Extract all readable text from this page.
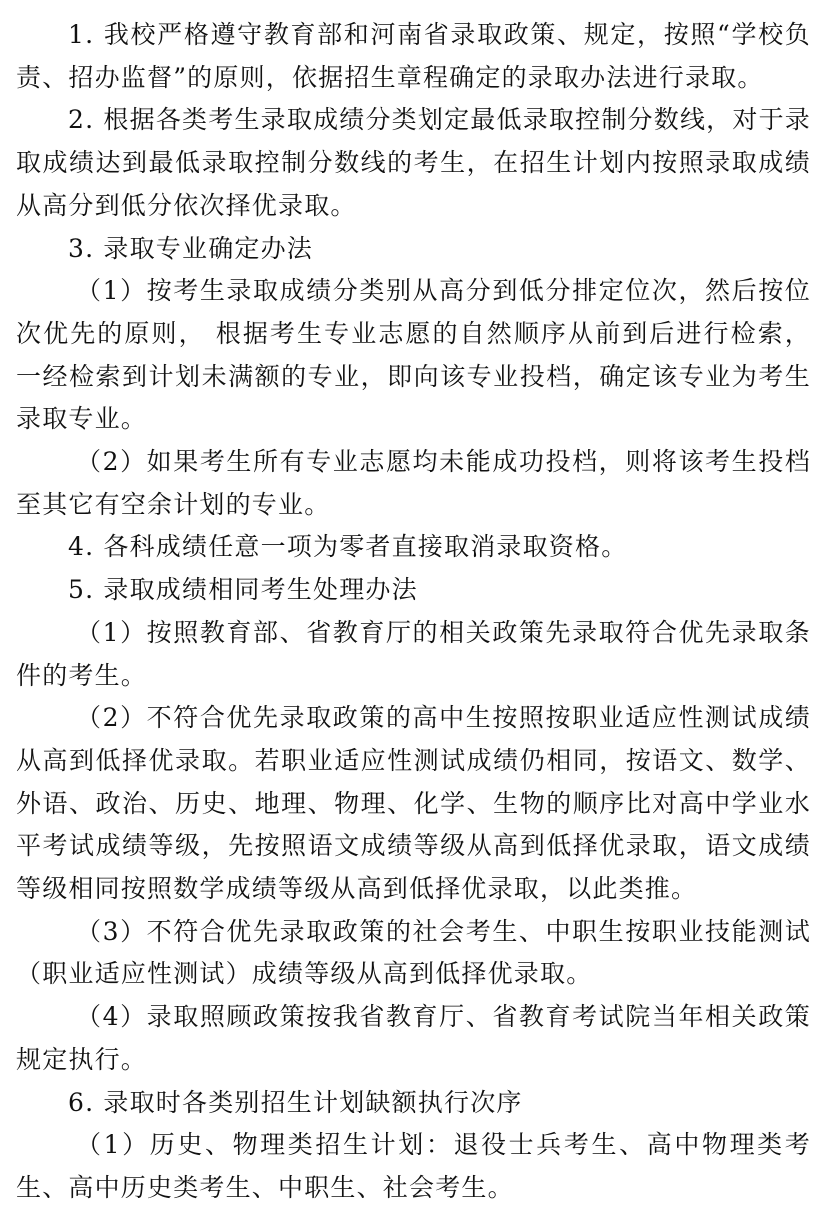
1. 我校严格遵守教育部和河南省录取政策、规定，按照“学校负责、招办监督”的原则，依据招生章程确定的录取办法进行录取。

2. 根据各类考生录取成绩分类划定最低录取控制分数线，对于录取成绩达到最低录取控制分数线的考生，在招生计划内按照录取成绩从高分到低分依次择优录取。

3. 录取专业确定办法

（1）按考生录取成绩分类别从高分到低分排定位次，然后按位次优先的原则， 根据考生专业志愿的自然顺序从前到后进行检索，一经检索到计划未满额的专业，即向该专业投档，确定该专业为考生录取专业。

（2）如果考生所有专业志愿均未能成功投档，则将该考生投档至其它有空余计划的专业。

4. 各科成绩任意一项为零者直接取消录取资格。

5. 录取成绩相同考生处理办法

（1）按照教育部、省教育厅的相关政策先录取符合优先录取条件的考生。

（2）不符合优先录取政策的高中生按照按职业适应性测试成绩从高到低择优录取。若职业适应性测试成绩仍相同，按语文、数学、外语、政治、历史、地理、物理、化学、生物的顺序比对高中学业水平考试成绩等级，先按照语文成绩等级从高到低择优录取，语文成绩等级相同按照数学成绩等级从高到低择优录取，以此类推。

（3）不符合优先录取政策的社会考生、中职生按职业技能测试（职业适应性测试）成绩等级从高到低择优录取。

（4）录取照顾政策按我省教育厅、省教育考试院当年相关政策规定执行。

6. 录取时各类别招生计划缺额执行次序

（1）历史、物理类招生计划：退役士兵考生、高中物理类考生、高中历史类考生、中职生、社会考生。
